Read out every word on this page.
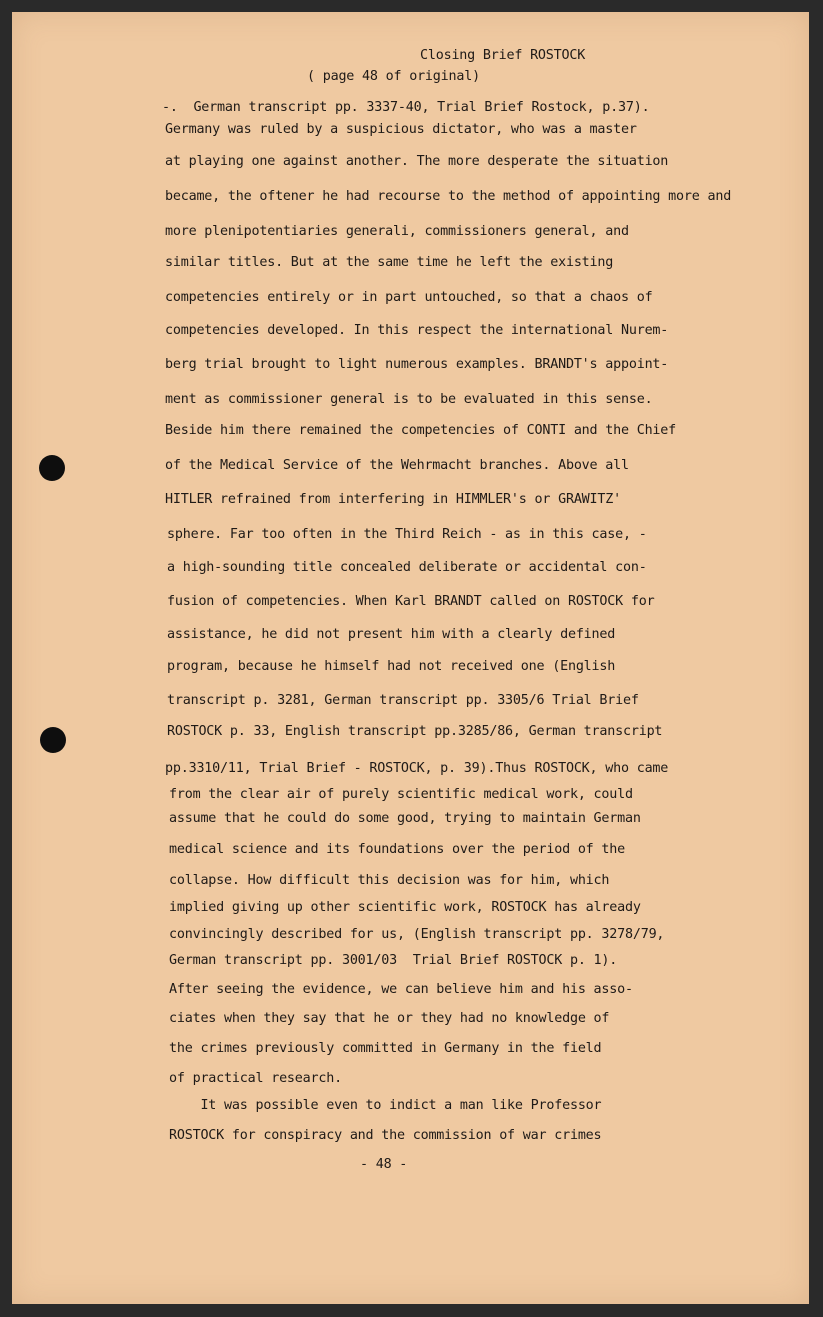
Closing Brief ROSTOCK

( page 48 of original)

-.  German transcript pp. 3337-40, Trial Brief Rostock, p.37).

Germany was ruled by a suspicious dictator, who was a master

at playing one against another. The more desperate the situation

became, the oftener he had recourse to the method of appointing more and

more plenipotentiaries generali, commissioners general, and

similar titles. But at the same time he left the existing

competencies entirely or in part untouched, so that a chaos of

competencies developed. In this respect the international Nurem-

berg trial brought to light numerous examples. BRANDT's appoint-

ment as commissioner general is to be evaluated in this sense.

Beside him there remained the competencies of CONTI and the Chief

of the Medical Service of the Wehrmacht branches. Above all

HITLER refrained from interfering in HIMMLER's or GRAWITZ'

sphere. Far too often in the Third Reich - as in this case, -

a high-sounding title concealed deliberate or accidental con-

fusion of competencies. When Karl BRANDT called on ROSTOCK for

assistance, he did not present him with a clearly defined

program, because he himself had not received one (English

transcript p. 3281, German transcript pp. 3305/6 Trial Brief

ROSTOCK p. 33, English transcript pp.3285/86, German transcript

pp.3310/11, Trial Brief - ROSTOCK, p. 39).Thus ROSTOCK, who came

from the clear air of purely scientific medical work, could

assume that he could do some good, trying to maintain German

medical science and its foundations over the period of the

collapse. How difficult this decision was for him, which

implied giving up other scientific work, ROSTOCK has already

convincingly described for us, (English transcript pp. 3278/79,

German transcript pp. 3001/03  Trial Brief ROSTOCK p. 1).

After seeing the evidence, we can believe him and his asso-

ciates when they say that he or they had no knowledge of

the crimes previously committed in Germany in the field

of practical research.

It was possible even to indict a man like Professor

ROSTOCK for conspiracy and the commission of war crimes

- 48 -
